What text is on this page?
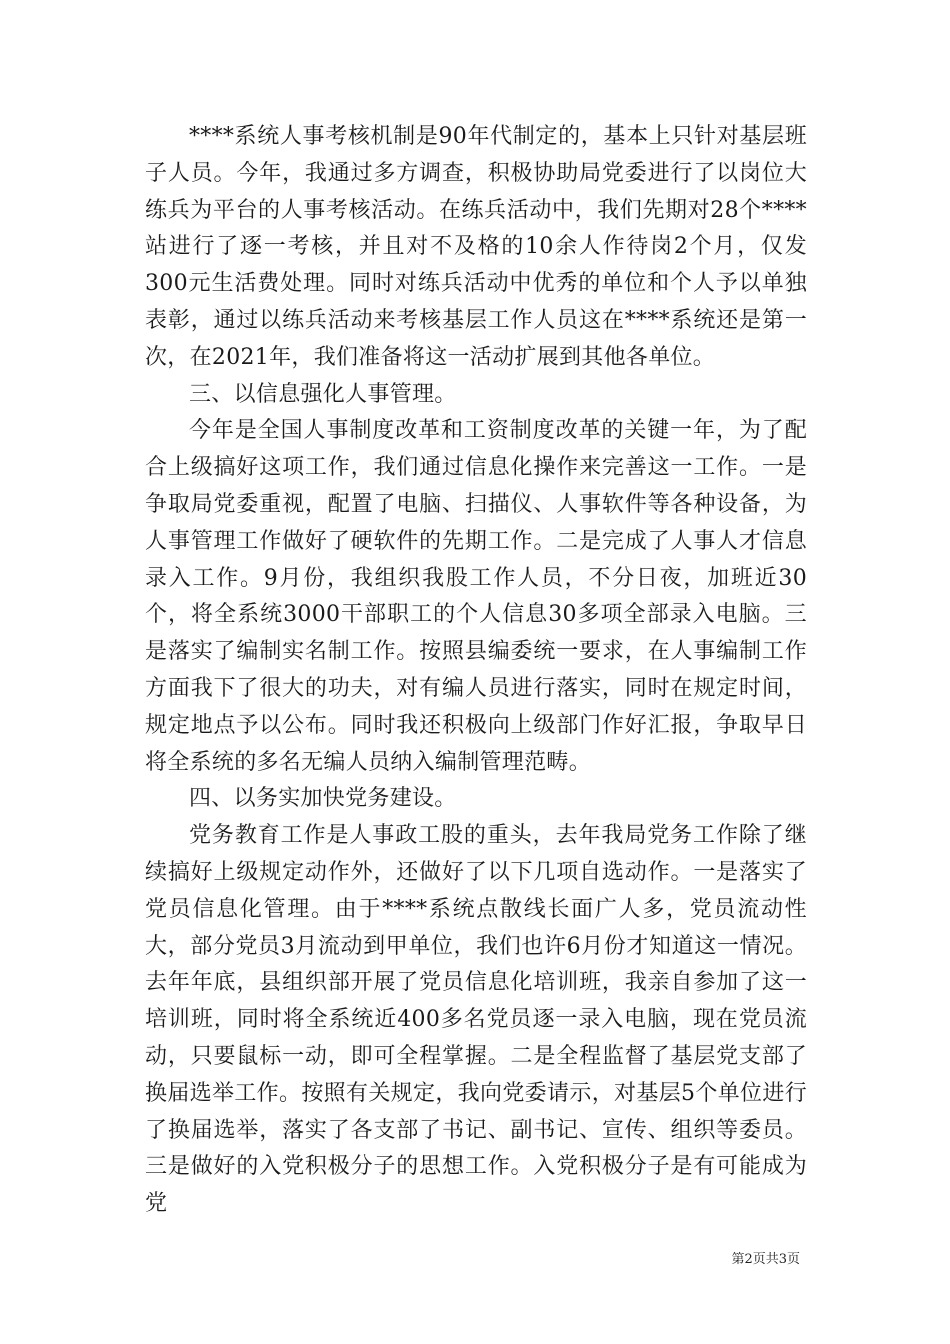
****系统人事考核机制是90年代制定的，基本上只针对基层班子人员。今年，我通过多方调查，积极协助局党委进行了以岗位大练兵为平台的人事考核活动。在练兵活动中，我们先期对28个****站进行了逐一考核，并且对不及格的10余人作待岗2个月，仅发300元生活费处理。同时对练兵活动中优秀的单位和个人予以单独表彰，通过以练兵活动来考核基层工作人员这在****系统还是第一次，在2021年，我们准备将这一活动扩展到其他各单位。

三、以信息强化人事管理。

今年是全国人事制度改革和工资制度改革的关键一年，为了配合上级搞好这项工作，我们通过信息化操作来完善这一工作。一是争取局党委重视，配置了电脑、扫描仪、人事软件等各种设备，为人事管理工作做好了硬软件的先期工作。二是完成了人事人才信息录入工作。9月份，我组织我股工作人员，不分日夜，加班近30个，将全系统3000干部职工的个人信息30多项全部录入电脑。三是落实了编制实名制工作。按照县编委统一要求，在人事编制工作方面我下了很大的功夫，对有编人员进行落实，同时在规定时间，规定地点予以公布。同时我还积极向上级部门作好汇报，争取早日将全系统的多名无编人员纳入编制管理范畴。

四、以务实加快党务建设。

党务教育工作是人事政工股的重头，去年我局党务工作除了继续搞好上级规定动作外，还做好了以下几项自选动作。一是落实了党员信息化管理。由于****系统点散线长面广人多，党员流动性大，部分党员3月流动到甲单位，我们也许6月份才知道这一情况。去年年底，县组织部开展了党员信息化培训班，我亲自参加了这一培训班，同时将全系统近400多名党员逐一录入电脑，现在党员流动，只要鼠标一动，即可全程掌握。二是全程监督了基层党支部了换届选举工作。按照有关规定，我向党委请示，对基层5个单位进行了换届选举，落实了各支部了书记、副书记、宣传、组织等委员。三是做好的入党积极分子的思想工作。入党积极分子是有可能成为党

第2页共3页
